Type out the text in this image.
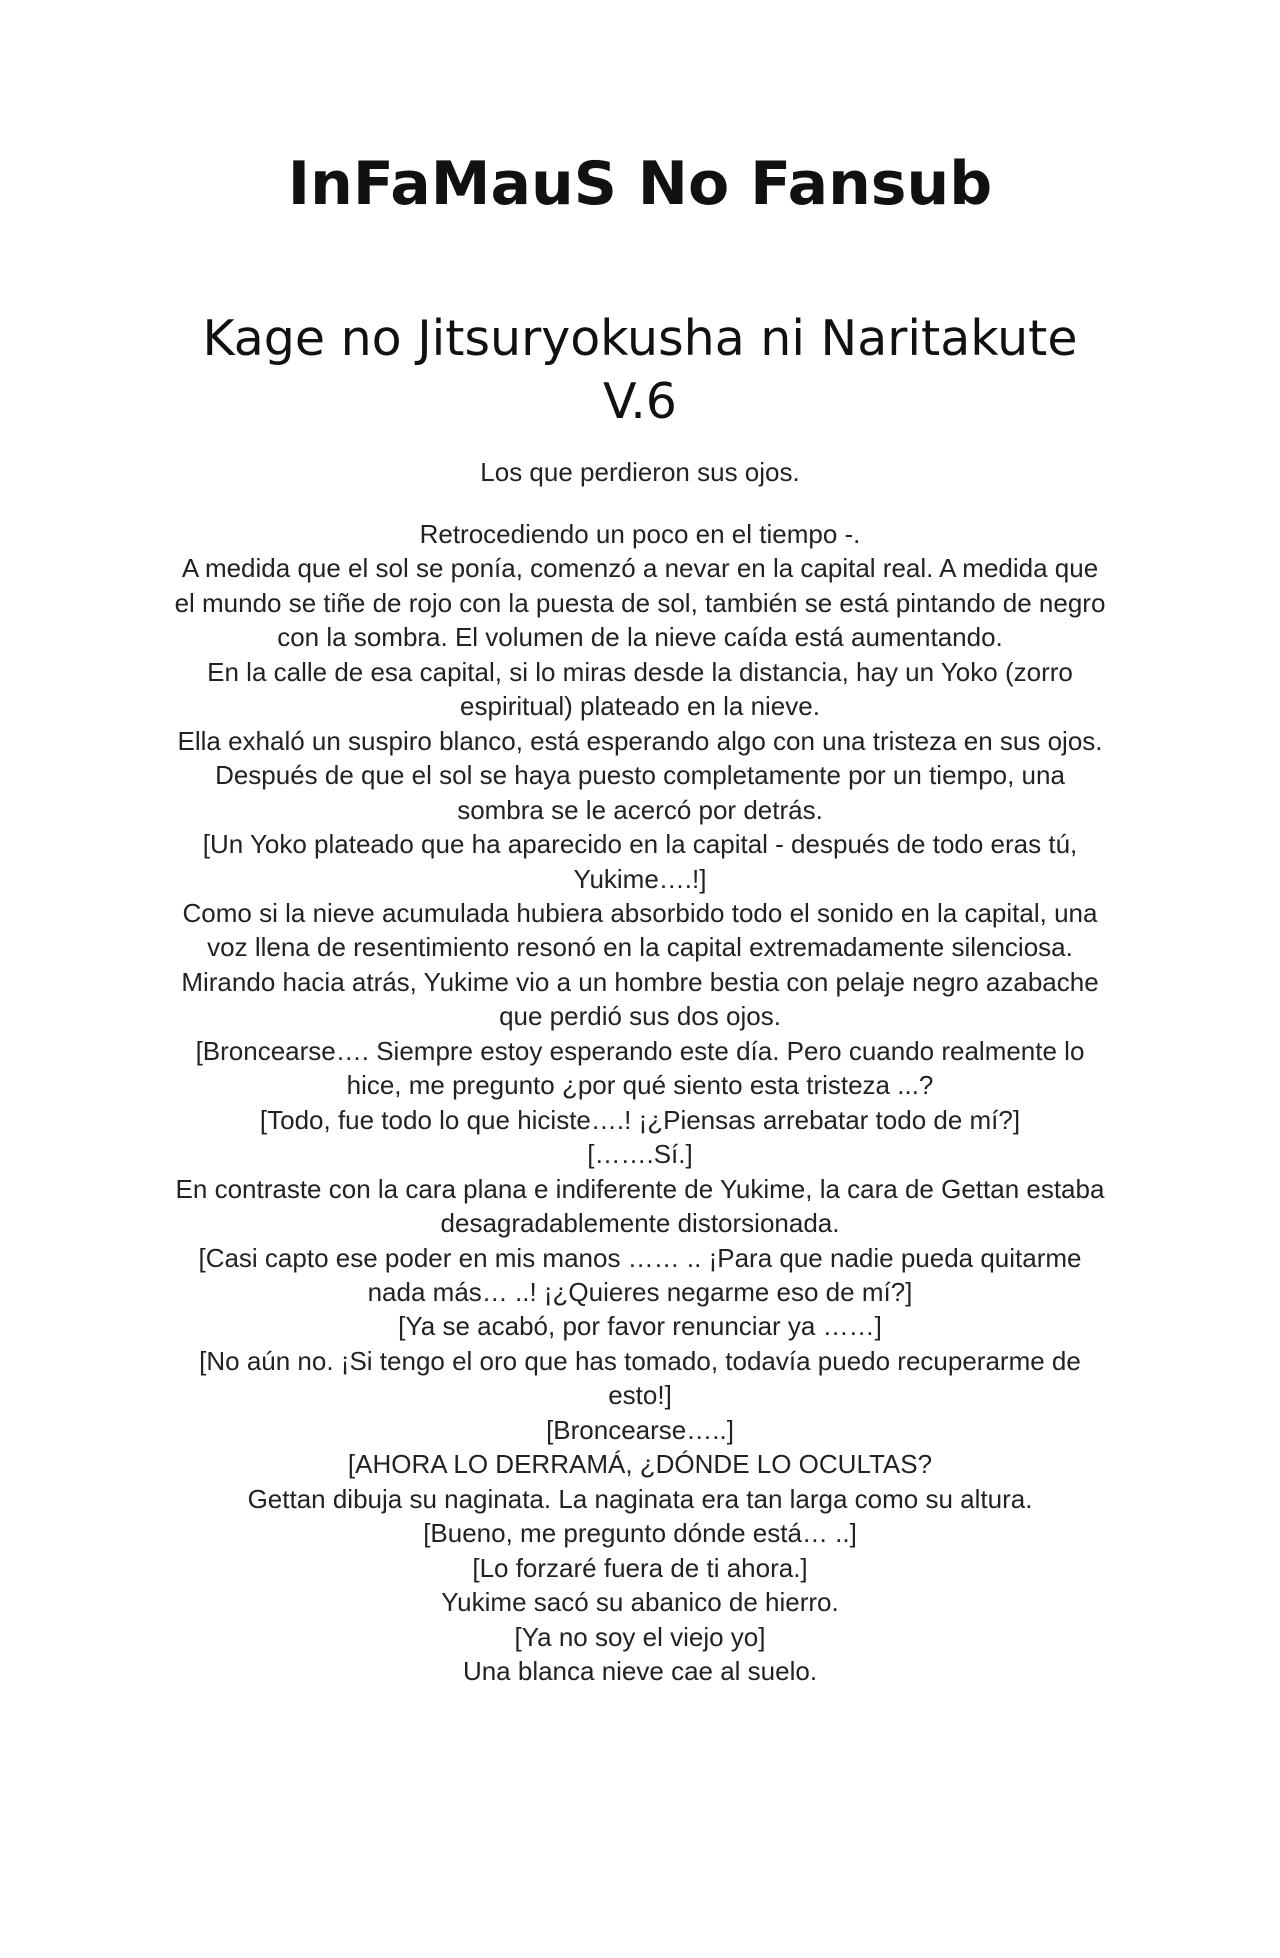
InFaMauS No Fansub
Kage no Jitsuryokusha ni Naritakute V.6

Los que perdieron sus ojos.

Retrocediendo un poco en el tiempo -.

A medida que el sol se ponía, comenzó a nevar en la capital real. A medida que el mundo se tiñe de rojo con la puesta de sol, también se está pintando de negro con la sombra. El volumen de la nieve caída está aumentando.

En la calle de esa capital, si lo miras desde la distancia, hay un Yoko (zorro espiritual) plateado en la nieve.

Ella exhaló un suspiro blanco, está esperando algo con una tristeza en sus ojos.

Después de que el sol se haya puesto completamente por un tiempo, una sombra se le acercó por detrás.

[Un Yoko plateado que ha aparecido en la capital - después de todo eras tú, Yukime….!]

Como si la nieve acumulada hubiera absorbido todo el sonido en la capital, una voz llena de resentimiento resonó en la capital extremadamente silenciosa.

Mirando hacia atrás, Yukime vio a un hombre bestia con pelaje negro azabache que perdió sus dos ojos.

[Broncearse…. Siempre estoy esperando este día. Pero cuando realmente lo hice, me pregunto ¿por qué siento esta tristeza ...?

[Todo, fue todo lo que hiciste….! ¡¿Piensas arrebatar todo de mí?]

[…….Sí.]

En contraste con la cara plana e indiferente de Yukime, la cara de Gettan estaba desagradablemente distorsionada.

[Casi capto ese poder en mis manos …… .. ¡Para que nadie pueda quitarme nada más… ..! ¡¿Quieres negarme eso de mí?]

[Ya se acabó, por favor renunciar ya ……]

[No aún no. ¡Si tengo el oro que has tomado, todavía puedo recuperarme de esto!]

[Broncearse…..]

[AHORA LO DERRAMÁ, ¿DÓNDE LO OCULTAS?

Gettan dibuja su naginata. La naginata era tan larga como su altura.

[Bueno, me pregunto dónde está… ..]

[Lo forzaré fuera de ti ahora.]

Yukime sacó su abanico de hierro.

[Ya no soy el viejo yo]

Una blanca nieve cae al suelo.
